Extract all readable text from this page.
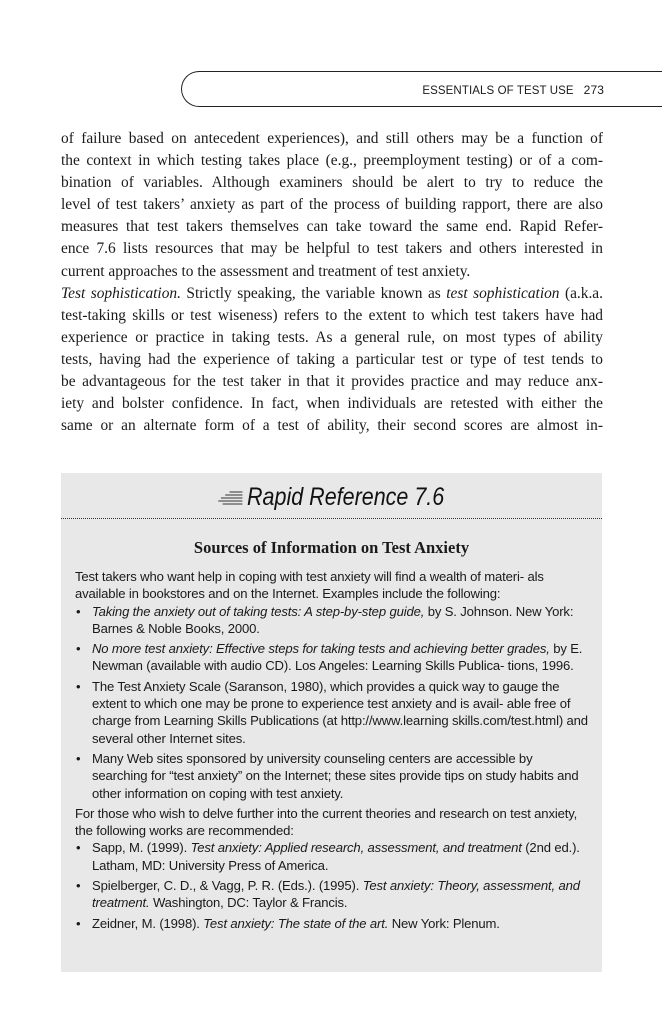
ESSENTIALS OF TEST USE 273
of failure based on antecedent experiences), and still others may be a function of
the context in which testing takes place (e.g., preemployment testing) or of a com-
bination of variables. Although examiners should be alert to try to reduce the
level of test takers’ anxiety as part of the process of building rapport, there are also
measures that test takers themselves can take toward the same end. Rapid Refer-
ence 7.6 lists resources that may be helpful to test takers and others interested in
current approaches to the assessment and treatment of test anxiety.
Test sophistication. Strictly speaking, the variable known as test sophistication (a.k.a.
test-taking skills or test wiseness) refers to the extent to which test takers have had
experience or practice in taking tests. As a general rule, on most types of ability
tests, having had the experience of taking a particular test or type of test tends to
be advantageous for the test taker in that it provides practice and may reduce anx-
iety and bolster confidence. In fact, when individuals are retested with either the
same or an alternate form of a test of ability, their second scores are almost in-
Rapid Reference 7.6
Sources of Information on Test Anxiety

Test takers who want help in coping with test anxiety will find a wealth of materi- als available in bookstores and on the Internet. Examples include the following:

• Taking the anxiety out of taking tests: A step-by-step guide, by S. Johnson. New York: Barnes & Noble Books, 2000.
• No more test anxiety: Effective steps for taking tests and achieving better grades, by E. Newman (available with audio CD). Los Angeles: Learning Skills Publica- tions, 1996.
• The Test Anxiety Scale (Saranson, 1980), which provides a quick way to gauge the extent to which one may be prone to experience test anxiety and is avail- able free of charge from Learning Skills Publications (at http://www.learning skills.com/test.html) and several other Internet sites.
• Many Web sites sponsored by university counseling centers are accessible by searching for “test anxiety” on the Internet; these sites provide tips on study habits and other information on coping with test anxiety.

For those who wish to delve further into the current theories and research on test anxiety, the following works are recommended:

• Sapp, M. (1999). Test anxiety: Applied research, assessment, and treatment (2nd ed.). Latham, MD: University Press of America.
• Spielberger, C. D., & Vagg, P. R. (Eds.). (1995). Test anxiety: Theory, assessment, and treatment. Washington, DC: Taylor & Francis.
• Zeidner, M. (1998). Test anxiety: The state of the art. New York: Plenum.
